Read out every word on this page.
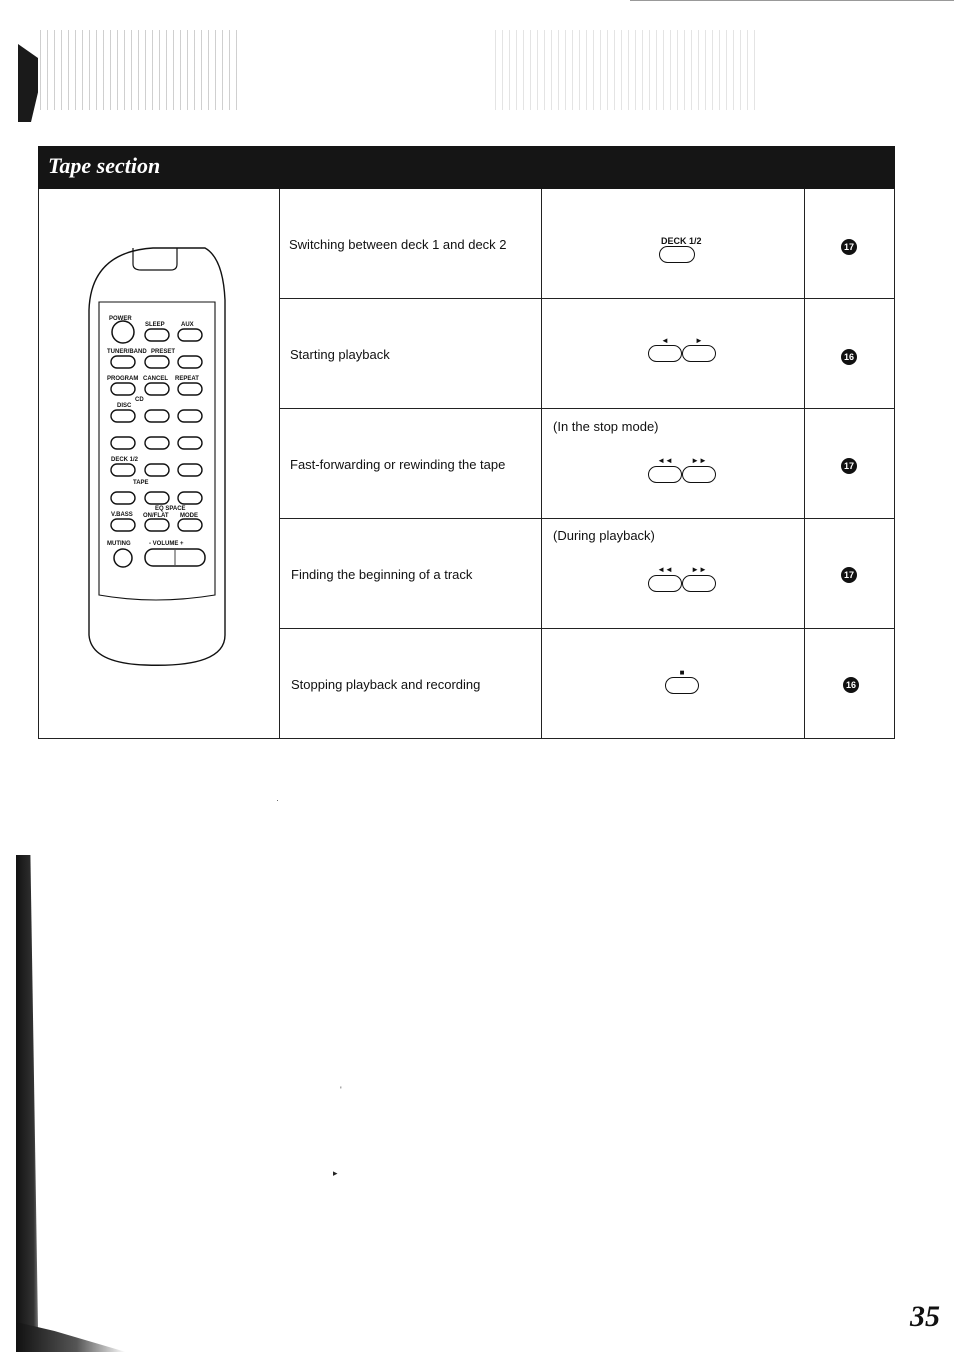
Tape section
POWER
SLEEP	AUX
TUNER/BAND PRESET
PROGRAM CANCEL REPEAT
CD
DISC
DECK 1/2
TAPE
V.BASS
EQ SPACE
ON/FLAT MODE
MUTING	- VOLUME +
Switching between deck 1 and deck 2	DECK 1/2
17
Starting playback
◄	►
16
(In the stop mode)
Fast-forwarding or rewinding the tape	◄◄	►►
17
(During playback)
Finding the beginning of a track	◄◄	►►
17
Stopping playback and recording
■
16
·
'
▸
35
